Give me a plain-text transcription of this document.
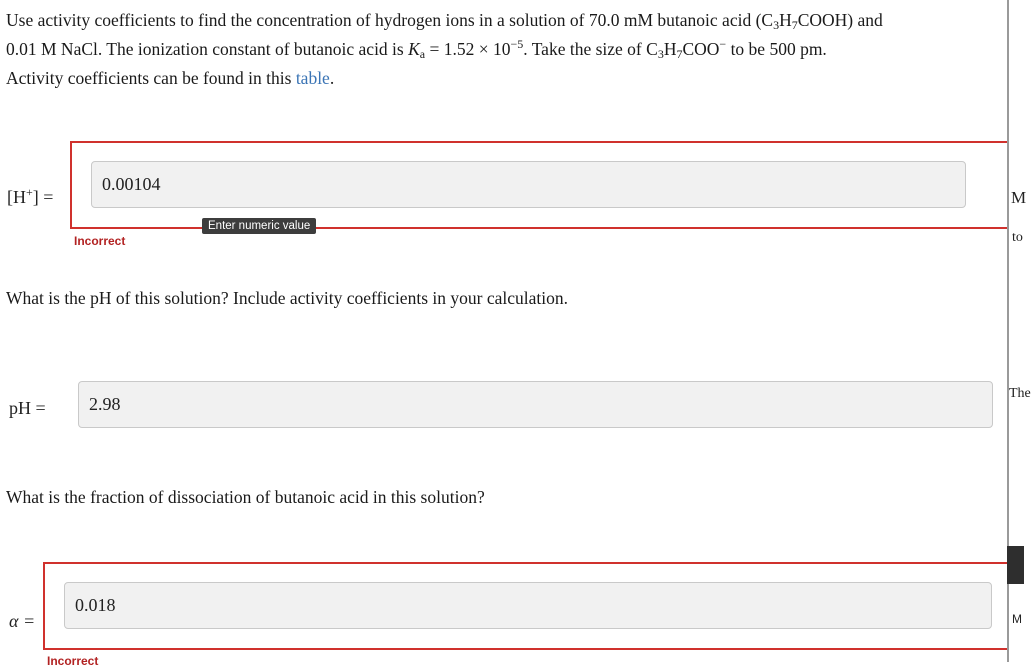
Use activity coefficients to find the concentration of hydrogen ions in a solution of 70.0 mM butanoic acid $(C_3H_7COOH)$ and
0.01 M NaCl. The ionization constant of butanoic acid is $K_a = 1.52 \times 10^{-5}$. Take the size of $C_3H_7COO^-$ to be 500 pm.
Activity coefficients can be found in this table.
[H+] =
0.00104
Enter numeric value
Incorrect
What is the pH of this solution? Include activity coefficients in your calculation.
pH = 2.98
What is the fraction of dissociation of butanoic acid in this solution?
α =
0.018
Incorrect
M
to
The
M
